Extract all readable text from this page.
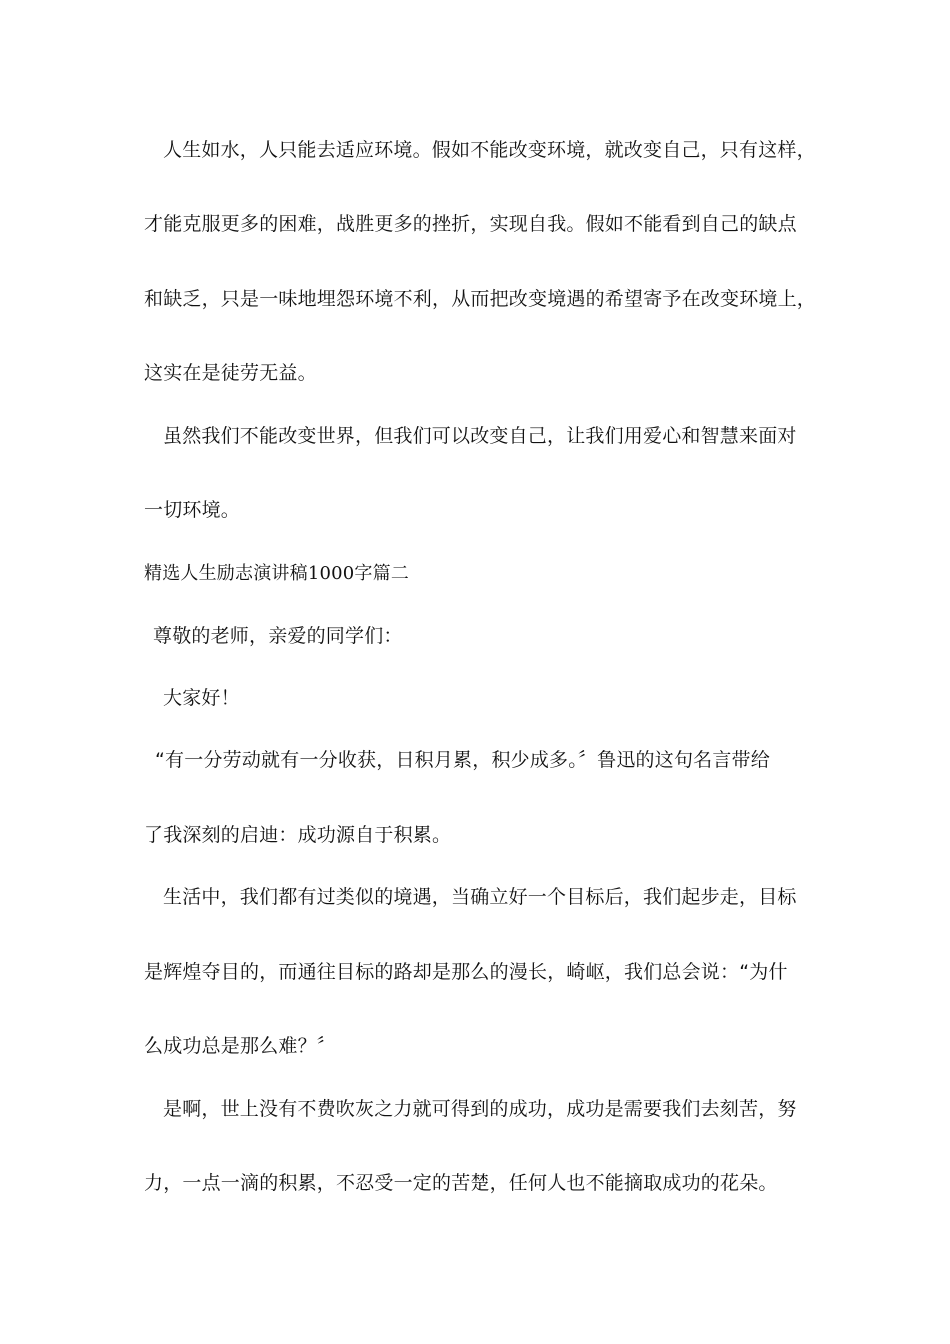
人生如水，人只能去适应环境。假如不能改变环境，就改变自己，只有这样，
才能克服更多的困难，战胜更多的挫折，实现自我。假如不能看到自己的缺点
和缺乏，只是一味地埋怨环境不利，从而把改变境遇的希望寄予在改变环境上，
这实在是徒劳无益。
虽然我们不能改变世界，但我们可以改变自己，让我们用爱心和智慧来面对
一切环境。
精选人生励志演讲稿1000字篇二
尊敬的老师，亲爱的同学们：
大家好！
“有一分劳动就有一分收获，日积月累，积少成多。〞鲁迅的这句名言带给
了我深刻的启迪：成功源自于积累。
生活中，我们都有过类似的境遇，当确立好一个目标后，我们起步走，目标
是辉煌夺目的，而通往目标的路却是那么的漫长，崎岖，我们总会说：“为什
么成功总是那么难？〞
是啊，世上没有不费吹灰之力就可得到的成功，成功是需要我们去刻苦，努
力，一点一滴的积累，不忍受一定的苦楚，任何人也不能摘取成功的花朵。
